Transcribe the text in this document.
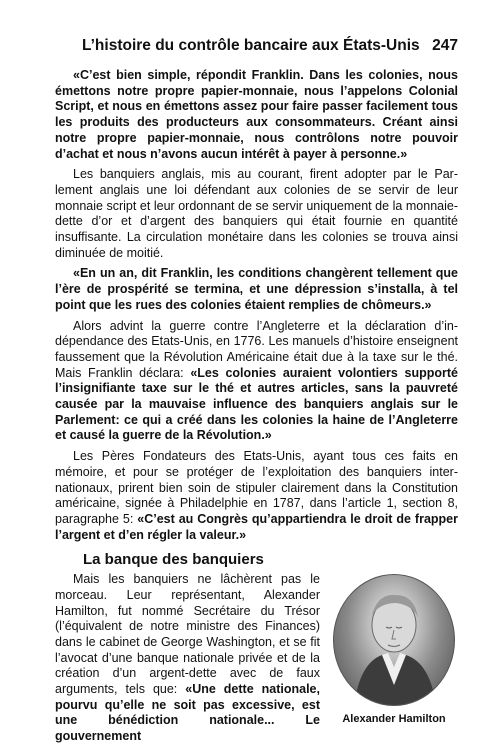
L’histoire du contrôle bancaire aux États-Unis 247

«C’est bien simple, répondit Franklin. Dans les colonies, nous émettons notre propre papier-monnaie, nous l’appelons Colonial Script, et nous en émettons assez pour faire passer facilement tous les produits des producteurs aux consommateurs. Créant ainsi notre propre papier-monnaie, nous contrôlons notre pouvoir d’achat et nous n’avons aucun intérêt à payer à personne.»

Les banquiers anglais, mis au courant, firent adopter par le Parlement anglais une loi défendant aux colonies de se servir de leur monnaie script et leur ordonnant de se servir uniquement de la monnaie-dette d’or et d’argent des banquiers qui était fournie en quantité insuffisante. La circulation monétaire dans les colonies se trouva ainsi diminuée de moitié.

«En un an, dit Franklin, les conditions changèrent tellement que l’ère de prospérité se termina, et une dépression s’installa, à tel point que les rues des colonies étaient remplies de chômeurs.»

Alors advint la guerre contre l’Angleterre et la déclaration d’indépendance des Etats-Unis, en 1776. Les manuels d’histoire enseignent faussement que la Révolution Américaine était due à la taxe sur le thé. Mais Franklin déclara: «Les colonies auraient volontiers supporté l’insignifiante taxe sur le thé et autres articles, sans la pauvreté causée par la mauvaise influence des banquiers anglais sur le Parlement: ce qui a créé dans les colonies la haine de l’Angleterre et causé la guerre de la Révolution.»

Les Pères Fondateurs des Etats-Unis, ayant tous ces faits en mémoire, et pour se protéger de l’exploitation des banquiers internationaux, prirent bien soin de stipuler clairement dans la Constitution américaine, signée à Philadelphie en 1787, dans l’article 1, section 8, paragraphe 5: «C’est au Congrès qu’appartiendra le droit de frapper l’argent et d’en régler la valeur.»

La banque des banquiers
Alexander Hamilton

Mais les banquiers ne lâchèrent pas le morceau. Leur représentant, Alexander Hamilton, fut nommé Secrétaire du Trésor (l’équivalent de notre ministre des Finances) dans le cabinet de George Washington, et se fit l’avocat d’une banque nationale privée et de la création d’un argent-dette avec de faux arguments, tels que: «Une dette nationale, pourvu qu’elle ne soit pas excessive, est une bénédiction nationale... Le gouvernement
